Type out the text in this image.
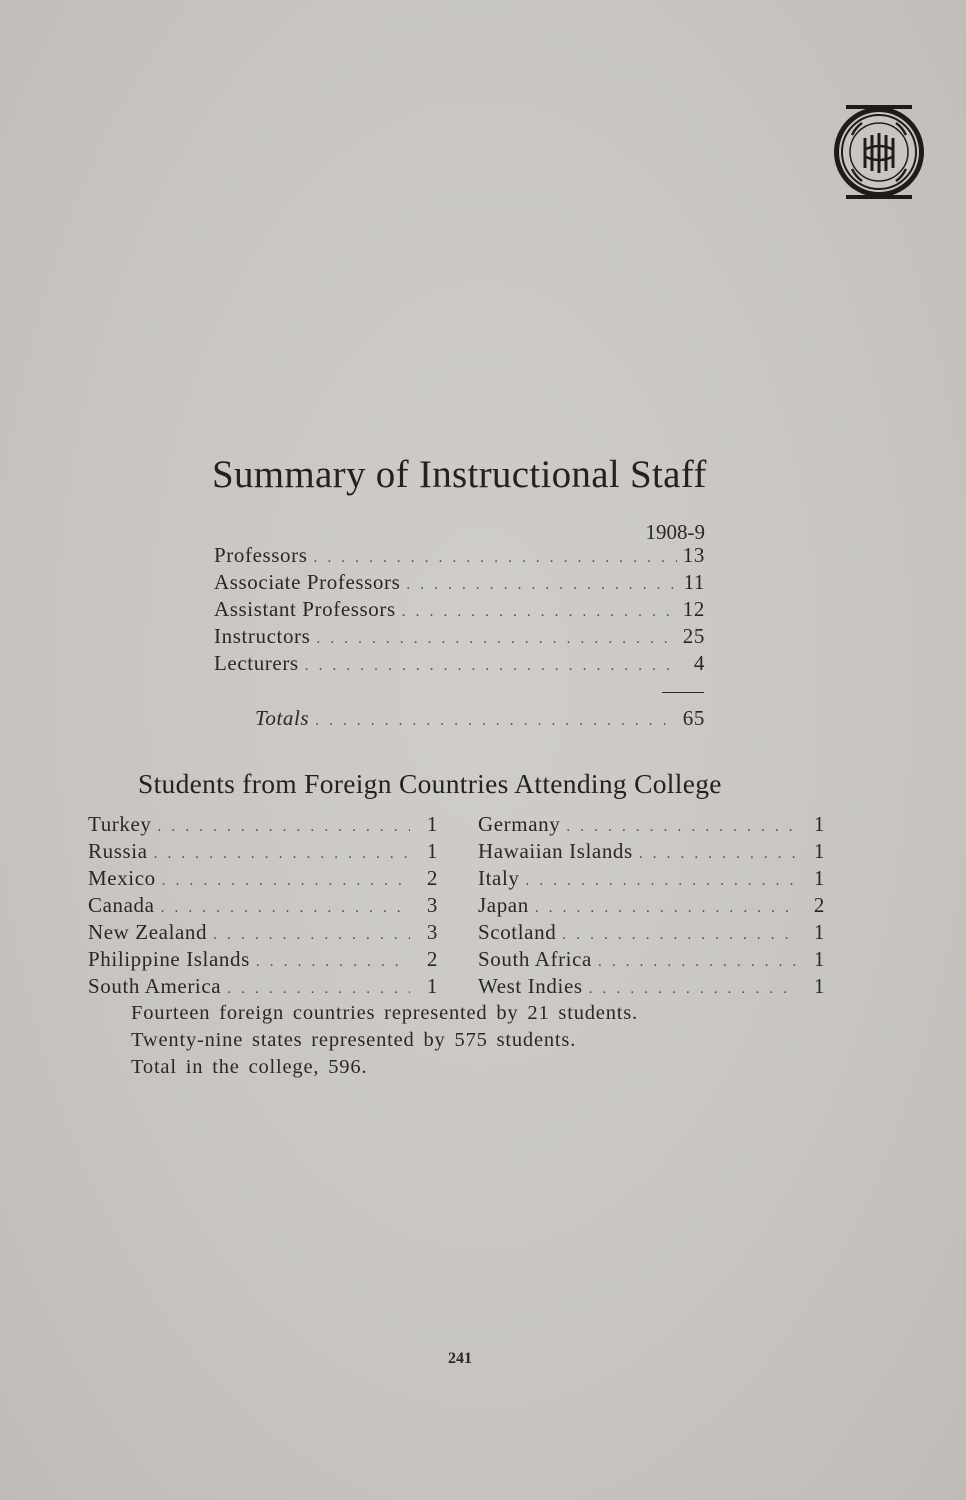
Summary of Instructional Staff
1908-9
Professors . . .	13
Associate Professors . . .	11
Assistant Professors . . .	12
Instructors . . .	25
Lecturers . . .	4
Totals . . .	65
Students from Foreign Countries Attending College
Turkey . . .	1
Russia . . .	1
Mexico . . .	2
Canada . . .	3
New Zealand . . .	3
Philippine Islands . . .	2
South America . . .	1
Germany . . .	1
Hawaiian Islands . . .	1
Italy . . .	1
Japan . . .	2
Scotland . . .	1
South Africa . . .	1
West Indies . . .	1
Fourteen foreign countries represented by 21 students.
Twenty-nine states represented by 575 students.
Total in the college, 596.
241
